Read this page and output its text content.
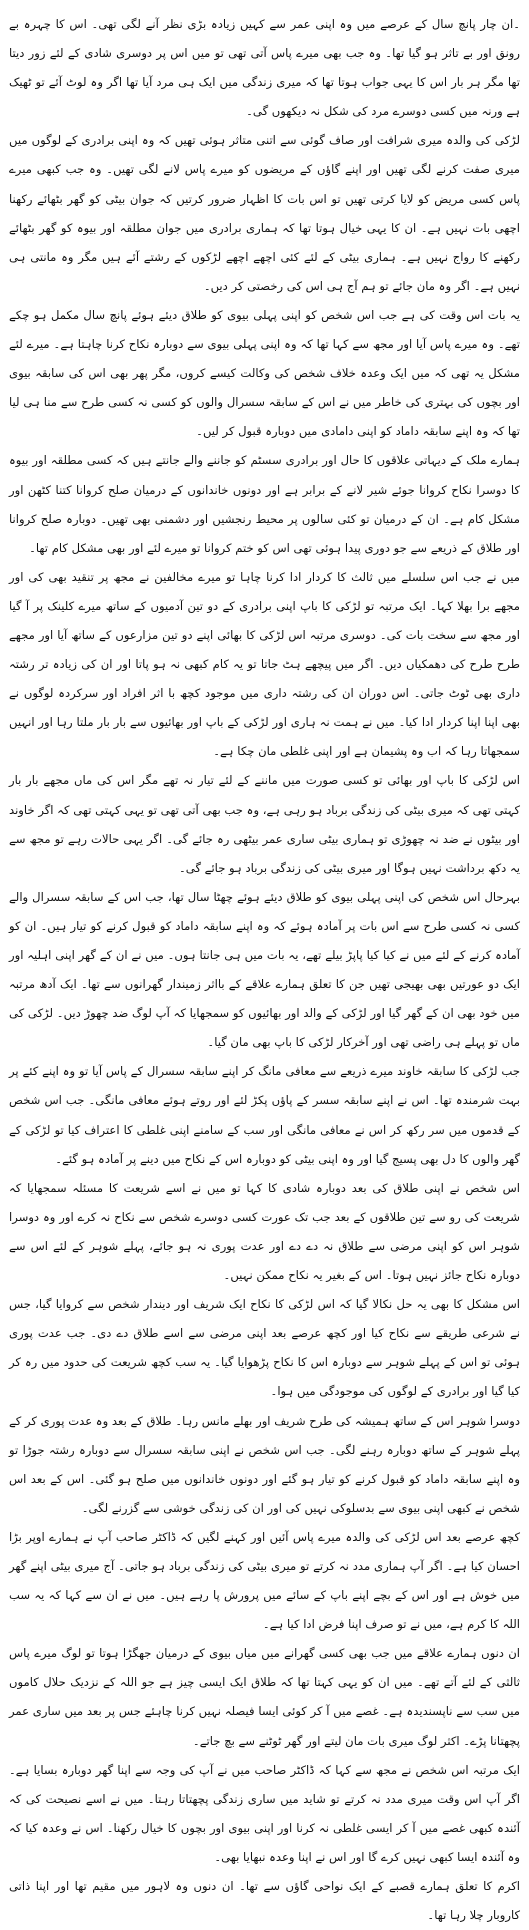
۔ان چار پانچ سال کے عرصے میں وہ اپنی عمر سے کہیں زیادہ بڑی نظر آنے لگی تھی۔ اس کا چہرہ بے رونق اور بے تاثر ہو گیا تھا۔ وہ جب بھی میرے پاس آتی تھی تو میں اس پر دوسری شادی کے لئے زور دیتا تھا مگر ہر بار اس کا یہی جواب ہوتا تھا کہ میری زندگی میں ایک ہی مرد آیا تھا اگر وہ لوٹ آئے تو ٹھیک ہے ورنہ میں کسی دوسرے مرد کی شکل نہ دیکھوں گی۔

لڑکی کی والدہ میری شرافت اور صاف گوئی سے اتنی متاثر ہوئی تھیں کہ وہ اپنی برادری کے لوگوں میں میری صفت کرنے لگی تھیں اور اپنے گاؤں کے مریضوں کو میرے پاس لانے لگی تھیں۔ وہ جب کبھی میرے پاس کسی مریض کو لایا کرتی تھیں تو اس بات کا اظہار ضرور کرتیں کہ جوان بیٹی کو گھر بٹھائے رکھنا اچھی بات نہیں ہے۔ ان کا یہی خیال ہوتا تھا کہ ہماری برادری میں جوان مطلقہ اور بیوہ کو گھر بٹھائے رکھنے کا رواج نہیں ہے۔ ہماری بیٹی کے لئے کئی اچھے اچھے لڑکوں کے رشتے آئے ہیں مگر وہ مانتی ہی نہیں ہے۔ اگر وہ مان جائے تو ہم آج ہی اس کی رخصتی کر دیں۔

یہ بات اس وقت کی ہے جب اس شخص کو اپنی پہلی بیوی کو طلاق دیئے ہوئے پانچ سال مکمل ہو چکے تھے۔ وہ میرے پاس آیا اور مجھ سے کہا تھا کہ وہ اپنی پہلی بیوی سے دوبارہ نکاح کرنا چاہتا ہے۔ میرے لئے مشکل یہ تھی کہ میں ایک وعدہ خلاف شخص کی وکالت کیسے کروں، مگر پھر بھی اس کی سابقہ بیوی اور بچوں کی بہتری کی خاطر میں نے اس کے سابقہ سسرال والوں کو کسی نہ کسی طرح سے منا ہی لیا تھا کہ وہ اپنے سابقہ داماد کو اپنی دامادی میں دوبارہ قبول کر لیں۔

ہمارے ملک کے دیہاتی علاقوں کا حال اور برادری سسٹم کو جاننے والے جانتے ہیں کہ کسی مطلقہ اور بیوہ کا دوسرا نکاح کروانا جوئے شیر لانے کے برابر ہے اور دونوں خاندانوں کے درمیان صلح کروانا کتنا کٹھن اور مشکل کام ہے۔ ان کے درمیان تو کئی سالوں پر محیط رنجشیں اور دشمنی بھی تھیں۔ دوبارہ صلح کروانا اور طلاق کے ذریعے سے جو دوری پیدا ہوئی تھی اس کو ختم کروانا تو میرے لئے اور بھی مشکل کام تھا۔

میں نے جب اس سلسلے میں ثالث کا کردار ادا کرنا چاہا تو میرے مخالفین نے مجھ پر تنقید بھی کی اور مجھے برا بھلا کہا۔ ایک مرتبہ تو لڑکی کا باپ اپنی برادری کے دو تین آدمیوں کے ساتھ میرے کلینک پر آ گیا اور مجھ سے سخت بات کی۔ دوسری مرتبہ اس لڑکی کا بھائی اپنے دو تین مزارعوں کے ساتھ آیا اور مجھے طرح طرح کی دھمکیاں دیں۔ اگر میں پیچھے ہٹ جاتا تو یہ کام کبھی نہ ہو پاتا اور ان کی زیادہ تر رشتہ داری بھی ٹوٹ جاتی۔ اس دوران ان کی رشتہ داری میں موجود کچھ با اثر افراد اور سرکردہ لوگوں نے بھی اپنا اپنا کردار ادا کیا۔ میں نے ہمت نہ ہاری اور لڑکی کے باپ اور بھائیوں سے بار بار ملتا رہا اور انہیں سمجھاتا رہا کہ اب وہ پشیمان ہے اور اپنی غلطی مان چکا ہے۔

اس لڑکی کا باپ اور بھائی تو کسی صورت میں ماننے کے لئے تیار نہ تھے مگر اس کی ماں مجھے بار بار کہتی تھی کہ میری بیٹی کی زندگی برباد ہو رہی ہے، وہ جب بھی آتی تھی تو یہی کہتی تھی کہ اگر خاوند اور بیٹوں نے ضد نہ چھوڑی تو ہماری بیٹی ساری عمر بیٹھی رہ جائے گی۔ اگر یہی حالات رہے تو مجھ سے یہ دکھ برداشت نہیں ہوگا اور میری بیٹی کی زندگی برباد ہو جائے گی۔

بہرحال اس شخص کی اپنی پہلی بیوی کو طلاق دیئے ہوئے چھٹا سال تھا، جب اس کے سابقہ سسرال والے کسی نہ کسی طرح سے اس بات پر آمادہ ہوئے کہ وہ اپنے سابقہ داماد کو قبول کرنے کو تیار ہیں۔ ان کو آمادہ کرنے کے لئے میں نے کیا کیا پاپڑ بیلے تھے، یہ بات میں ہی جانتا ہوں۔ میں نے ان کے گھر اپنی اہلیہ اور ایک دو عورتیں بھی بھیجی تھیں جن کا تعلق ہمارے علاقے کے بااثر زمیندار گھرانوں سے تھا۔ ایک آدھ مرتبہ میں خود بھی ان کے گھر گیا اور لڑکی کے والد اور بھائیوں کو سمجھایا کہ آپ لوگ ضد چھوڑ دیں۔ لڑکی کی ماں تو پہلے ہی راضی تھی اور آخرکار لڑکی کا باپ بھی مان گیا۔

جب لڑکی کا سابقہ خاوند میرے ذریعے سے معافی مانگ کر اپنے سابقہ سسرال کے پاس آیا تو وہ اپنے کئے پر بہت شرمندہ تھا۔ اس نے اپنے سابقہ سسر کے پاؤں پکڑ لئے اور روتے ہوئے معافی مانگی۔ جب اس شخص کے قدموں میں سر رکھ کر اس نے معافی مانگی اور سب کے سامنے اپنی غلطی کا اعتراف کیا تو لڑکی کے گھر والوں کا دل بھی پسیج گیا اور وہ اپنی بیٹی کو دوبارہ اس کے نکاح میں دینے پر آمادہ ہو گئے۔

اس شخص نے اپنی طلاق کی بعد دوبارہ شادی کا کہا تو میں نے اسے شریعت کا مسئلہ سمجھایا کہ شریعت کی رو سے تین طلاقوں کے بعد جب تک عورت کسی دوسرے شخص سے نکاح نہ کرے اور وہ دوسرا شوہر اس کو اپنی مرضی سے طلاق نہ دے دے اور عدت پوری نہ ہو جائے، پہلے شوہر کے لئے اس سے دوبارہ نکاح جائز نہیں ہوتا۔ اس کے بغیر یہ نکاح ممکن نہیں۔

اس مشکل کا بھی یہ حل نکالا گیا کہ اس لڑکی کا نکاح ایک شریف اور دیندار شخص سے کروایا گیا، جس نے شرعی طریقے سے نکاح کیا اور کچھ عرصے بعد اپنی مرضی سے اسے طلاق دے دی۔ جب عدت پوری ہوئی تو اس کے پہلے شوہر سے دوبارہ اس کا نکاح پڑھوایا گیا۔ یہ سب کچھ شریعت کی حدود میں رہ کر کیا گیا اور برادری کے لوگوں کی موجودگی میں ہوا۔

دوسرا شوہر اس کے ساتھ ہمیشہ کی طرح شریف اور بھلے مانس رہا۔ طلاق کے بعد وہ عدت پوری کر کے پہلے شوہر کے ساتھ دوبارہ رہنے لگی۔ جب اس شخص نے اپنی سابقہ سسرال سے دوبارہ رشتہ جوڑا تو وہ اپنے سابقہ داماد کو قبول کرنے کو تیار ہو گئے اور دونوں خاندانوں میں صلح ہو گئی۔ اس کے بعد اس شخص نے کبھی اپنی بیوی سے بدسلوکی نہیں کی اور ان کی زندگی خوشی سے گزرنے لگی۔

کچھ عرصے بعد اس لڑکی کی والدہ میرے پاس آئیں اور کہنے لگیں کہ ڈاکٹر صاحب آپ نے ہمارے اوپر بڑا احسان کیا ہے۔ اگر آپ ہماری مدد نہ کرتے تو میری بیٹی کی زندگی برباد ہو جاتی۔ آج میری بیٹی اپنے گھر میں خوش ہے اور اس کے بچے اپنے باپ کے سائے میں پرورش پا رہے ہیں۔ میں نے ان سے کہا کہ یہ سب اللہ کا کرم ہے، میں نے تو صرف اپنا فرض ادا کیا ہے۔

ان دنوں ہمارے علاقے میں جب بھی کسی گھرانے میں میاں بیوی کے درمیان جھگڑا ہوتا تو لوگ میرے پاس ثالثی کے لئے آتے تھے۔ میں ان کو یہی کہتا تھا کہ طلاق ایک ایسی چیز ہے جو اللہ کے نزدیک حلال کاموں میں سب سے ناپسندیدہ ہے۔ غصے میں آ کر کوئی ایسا فیصلہ نہیں کرنا چاہئے جس پر بعد میں ساری عمر پچھتانا پڑے۔ اکثر لوگ میری بات مان لیتے اور گھر ٹوٹنے سے بچ جاتے۔

ایک مرتبہ اس شخص نے مجھ سے کہا کہ ڈاکٹر صاحب میں نے آپ کی وجہ سے اپنا گھر دوبارہ بسایا ہے۔ اگر آپ اس وقت میری مدد نہ کرتے تو شاید میں ساری زندگی پچھتاتا رہتا۔ میں نے اسے نصیحت کی کہ آئندہ کبھی غصے میں آ کر ایسی غلطی نہ کرنا اور اپنی بیوی اور بچوں کا خیال رکھنا۔ اس نے وعدہ کیا کہ وہ آئندہ ایسا کبھی نہیں کرے گا اور اس نے اپنا وعدہ نبھایا بھی۔

اکرم کا تعلق ہمارے قصبے کے ایک نواحی گاؤں سے تھا۔ ان دنوں وہ لاہور میں مقیم تھا اور اپنا ذاتی کاروبار چلا رہا تھا۔
